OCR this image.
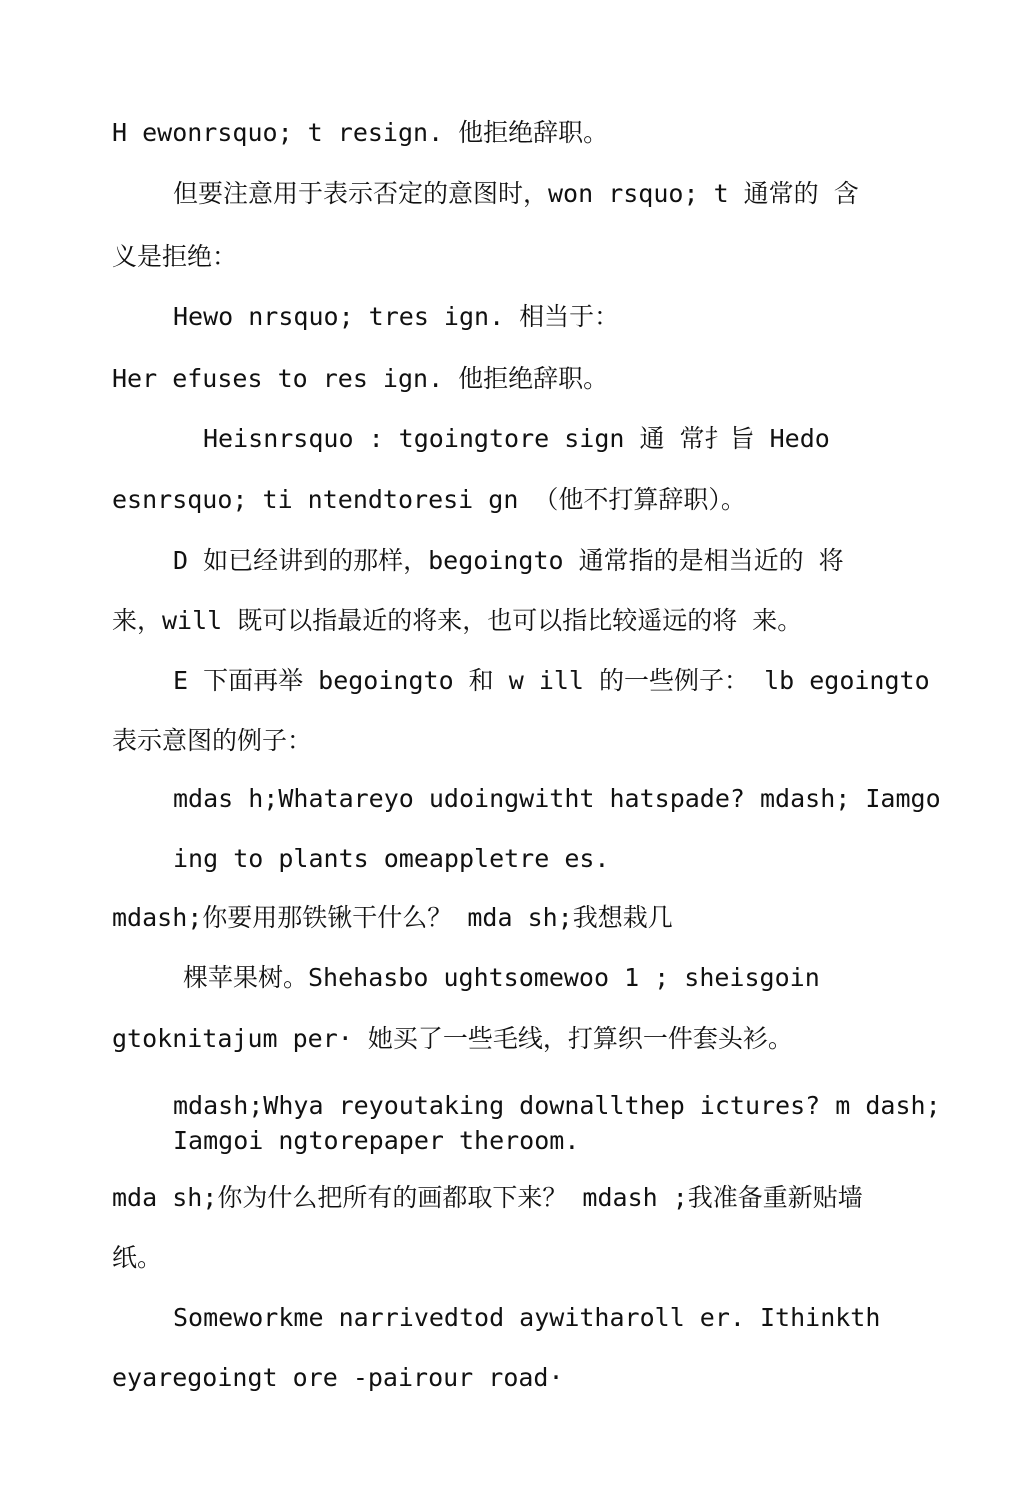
H ewonrsquo; t resign. 他拒绝辞职。
但要注意用于表示否定的意图时，won rsquo; t 通常的 含
义是拒绝：
Hewo nrsquo; tres ign. 相当于：
Her efuses to res ign. 他拒绝辞职。
Heisnrsquo : tgoingtore sign 通 常扌旨 Hedo
esnrsquo; ti ntendtoresi gn （他不打算辞职）。
D 如已经讲到的那样，begoingto 通常指的是相当近的 将
来，will 既可以指最近的将来，也可以指比较遥远的将 来。
E 下面再举 begoingto 和 w ill 的一些例子： lb egoingto
表示意图的例子：
mdas h;Whatareyo udoingwitht hatspade? mdash; Iamgo
ing to plants omeappletre es.
mdash;你要用那铁锹干什么？ mda sh;我想栽几
棵苹果树。Shehasbo ughtsomewoo 1 ; sheisgoin
gtoknitajum per· 她买了一些毛线，打算织一件套头衫。
mdash;Whya reyoutaking downallthep ictures? m dash;
Iamgoi ngtorepaper theroom.
mda sh;你为什么把所有的画都取下来？ mdash ;我准备重新贴墙
纸。
Someworkme narrivedtod aywitharoll er. Ithinkth
eyaregoingt ore -pairour road·
